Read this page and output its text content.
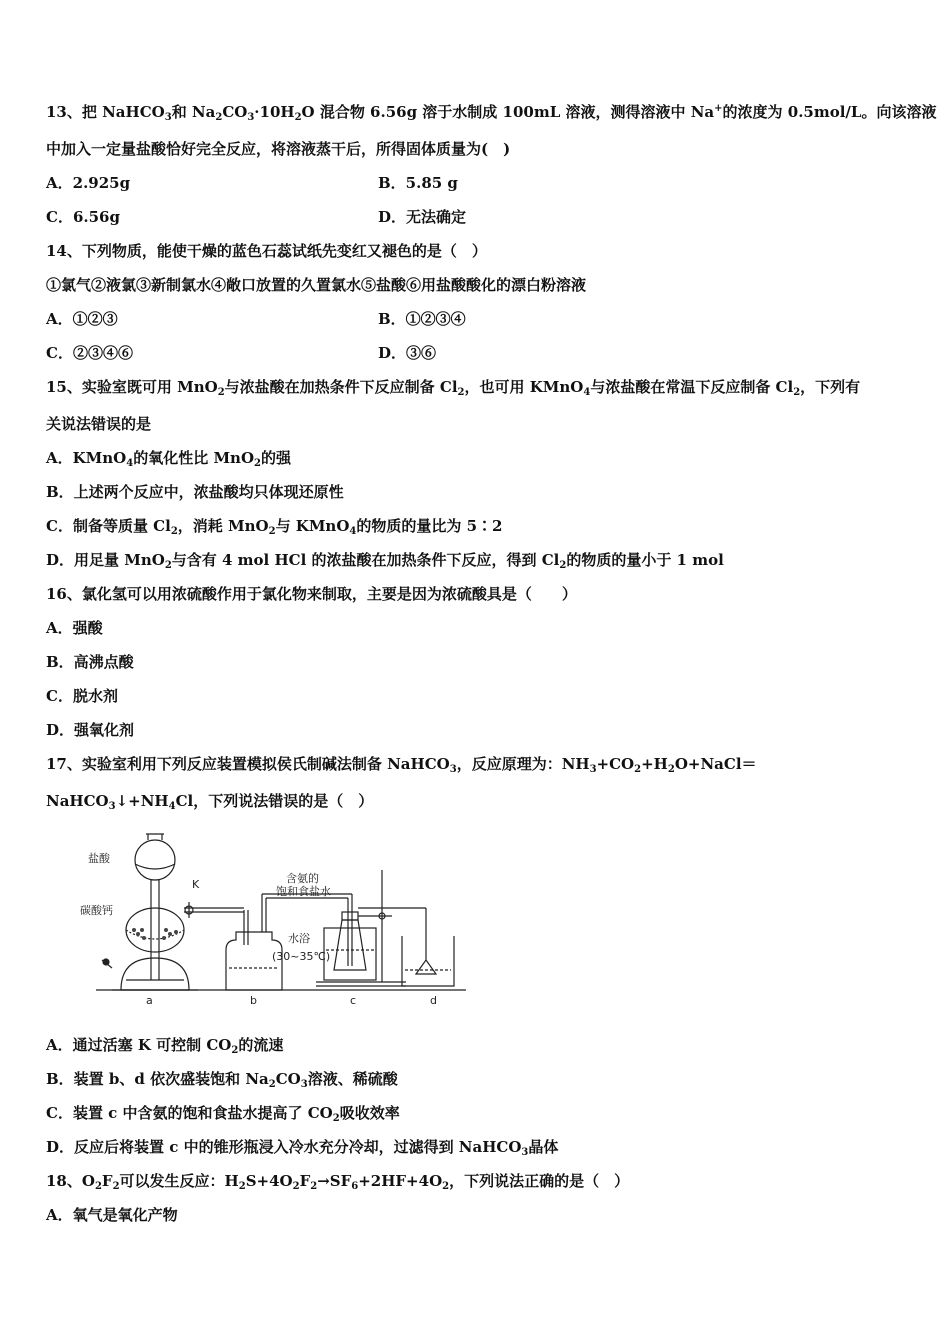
13、把 NaHCO$_3$和 $Na_2CO_3\cdot 10H_2O$ 混合物 6.56g 溶于水制成 100mL 溶液，测得溶液中 Na+的浓度为 0.5mol/L。向该溶液
中加入一定量盐酸恰好完全反应，将溶液蒸干后，所得固体质量为(　)
A．2.925g	B．5.85 g
C．6.56g	D．无法确定
14、下列物质，能使干燥的蓝色石蕊试纸先变红又褪色的是（　）
①氯气②液氯③新制氯水④敞口放置的久置氯水⑤盐酸⑥用盐酸酸化的漂白粉溶液
A．①②③	B．①②③④
C．②③④⑥	D．③⑥
15、实验室既可用 MnO$_2$与浓盐酸在加热条件下反应制备 $Cl_2$，也可用 KMnO$_4$与浓盐酸在常温下反应制备 $Cl_2$，下列有
关说法错误的是
A．KMnO$_4$的氧化性比 MnO$_2$的强
B．上述两个反应中，浓盐酸均只体现还原性
C．制备等质量 $Cl_2$，消耗 MnO$_2$与 KMnO$_4$的物质的量比为 5∶2
D．用足量 MnO$_2$与含有 4 mol HCl 的浓盐酸在加热条件下反应，得到 $Cl_2$的物质的量小于 1 mol
16、氯化氢可以用浓硫酸作用于氯化物来制取，主要是因为浓硫酸具是（　　）
A．强酸
B．高沸点酸
C．脱水剂
D．强氧化剂
17、实验室利用下列反应装置模拟侯氏制碱法制备 NaHCO$_3$，反应原理为：$NH_3+CO_2+H_2O+NaCl=$
$NaHCO_3↓+NH_4Cl$，下列说法错误的是（　）
盐酸
K
碳酸钙
含氨的
饱和食盐水
水浴
(30~35℃)
a	b	c	d
A．通过活塞 K 可控制 $CO_2$的流速
B．装置 b、d 依次盛装饱和 $Na_2CO_3$溶液、稀硫酸
C．装置 c 中含氨的饱和食盐水提高了 $CO_2$吸收效率
D．反应后将装置 c 中的锥形瓶浸入冷水充分冷却，过滤得到 NaHCO$_3$晶体
18、$O_2F_2$可以发生反应：$H_2S+4O_2F_2\to SF_6+2HF+4O_2$，下列说法正确的是（　）
A．氧气是氧化产物
